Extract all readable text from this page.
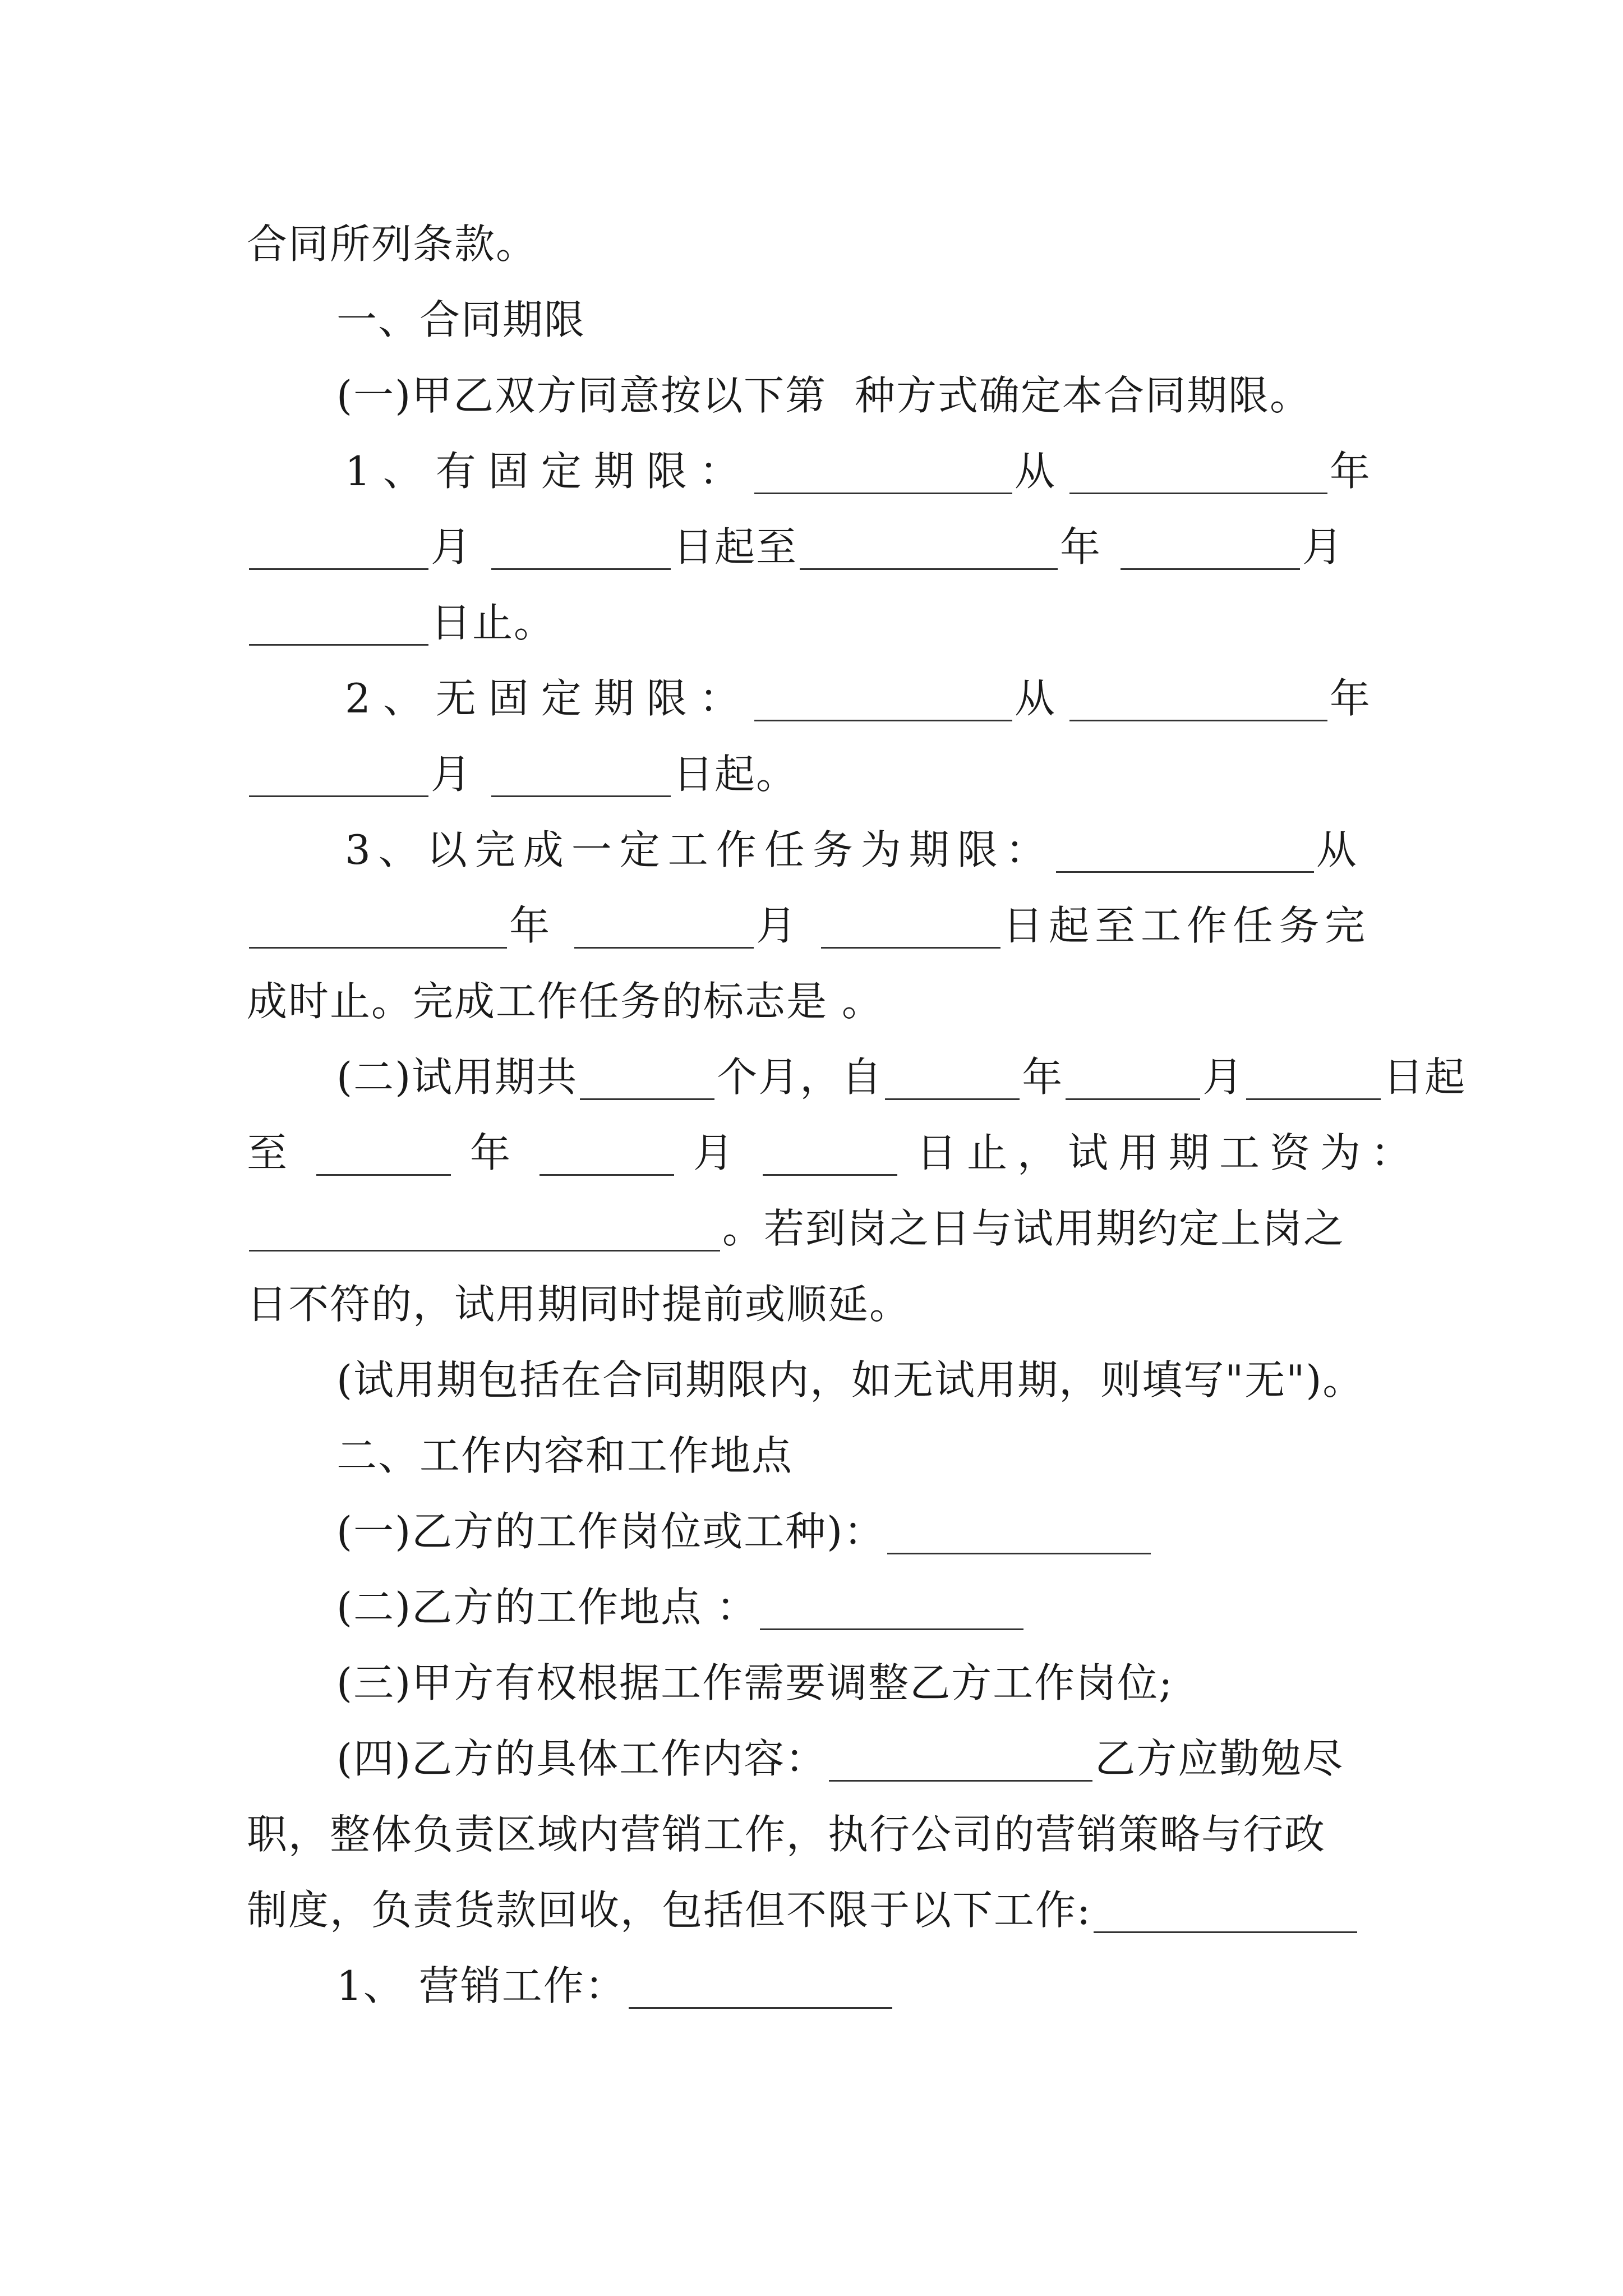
合同所列条款。
一、合同期限
(一)甲乙双方同意按以下第  种方式确定本合同期限。
1、有固定期限：	从	年
月	日起至	年	月
日止。
2、无固定期限：	从	年
月	日起。
3、以完成一定工作任务为期限：	从
年	月	日起至工作任务完
成时止。完成工作任务的标志是 。
(二)试用期共	个月，自	年	月	日起
至	年	月	日止，试用期工资为：
。若到岗之日与试用期约定上岗之
日不符的，试用期同时提前或顺延。
(试用期包括在合同期限内，如无试用期，则填写"无")。
二、工作内容和工作地点
(一)乙方的工作岗位或工种)：
(二)乙方的工作地点 ：
(三)甲方有权根据工作需要调整乙方工作岗位;
(四)乙方的具体工作内容：	乙方应勤勉尽
职，整体负责区域内营销工作，执行公司的营销策略与行政
制度，负责货款回收，包括但不限于以下工作:
1、 营销工作：
